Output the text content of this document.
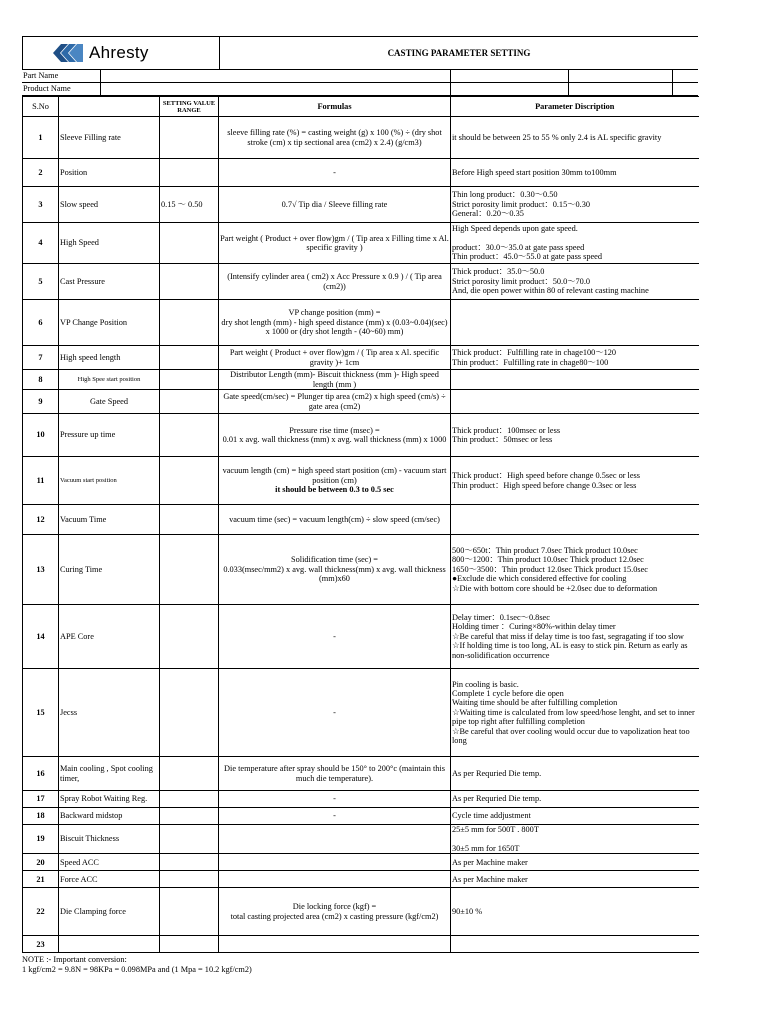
Ahresty	CASTING PARAMETER SETTING
Part Name				
Product Name				
S.No		SETTING VALUE RANGE	Formulas	Parameter Discription
1	Sleeve Filling rate		sleeve filling rate (%) = casting weight (g) x 100 (%) ÷ (dry shot stroke (cm) x tip sectional area (cm2) x 2.4) (g/cm3)	it should be between 25 to 55 % only 2.4 is AL specific gravity
2	Position		-	Before High speed start position 30mm to100mm
3	Slow speed	0.15 ～ 0.50	0.7√ Tip dia / Sleeve filling rate	Thin long product：0.30～0.50
Strict porosity limit product：0.15～0.30
General：0.20～0.35
4	High Speed		Part weight ( Product + over flow)gm / ( Tip area x Filling time x Al. specific gravity )	High Speed depends upon gate speed.

product：30.0～35.0 at gate pass speed
Thin product：45.0～55.0 at gate pass speed
5	Cast Pressure		(Intensify cylinder area ( cm2) x Acc Pressure x 0.9 ) / ( Tip area (cm2))	Thick product：35.0～50.0
Strict porosity limit product：50.0～70.0
And, die open power within 80 of relevant casting machine
6	VP Change Position		VP change position (mm) =
dry shot length (mm) - high speed distance (mm) x (0.03~0.04)(sec) x 1000 or (dry shot length - (40~60) mm)	
7	High speed length		Part weight ( Product + over flow)gm / ( Tip area x Al. specific gravity )+ 1cm	Thick product：Fulfilling rate in chage100～120
Thin product：Fulfilling rate in chage80～100
8	High Spee start position		Distributor Length (mm)- Biscuit thickness (mm )- High speed length (mm )	
9	Gate Speed		Gate speed(cm/sec) = Plunger tip area (cm2) x high speed (cm/s) ÷ gate area (cm2)	
10	Pressure up time		Pressure rise time (msec) =
0.01 x avg. wall thickness (mm) x avg. wall thickness (mm) x 1000	Thick product：100msec or less
Thin product：50msec or less
11	Vacuum start position		vacuum length (cm) = high speed start position (cm) - vacuum start position (cm)
it should be between 0.3 to 0.5 sec	Thick product：High speed before change 0.5sec or less
Thin product：High speed before change 0.3sec or less
12	Vacuum Time		vacuum time (sec) = vacuum length(cm) ÷ slow speed (cm/sec)	
13	Curing Time		Solidification time (sec) =
0.033(msec/mm2) x avg. wall thickness(mm) x avg. wall thickness (mm)x60	500～650t：Thin product 7.0sec Thick product 10.0sec
800～1200：Thin product 10.0sec Thick product 12.0sec
1650～3500：Thin product 12.0sec Thick product 15.0sec
●Exclude die which considered effective for cooling
☆Die with bottom core should be +2.0sec due to deformation
14	APE Core		-	Delay timer：0.1sec～0.8sec
Holding timer ：Curing×80%-within delay timer
☆Be careful that miss if delay time is too fast, segragating if too slow
☆If holding time is too long, AL is easy to stick pin. Return as early as non-solidification occurrence
15	Jecss		-	Pin cooling is basic.
Complete 1 cycle before die open
Waiting time should be after fulfilling completion
☆Waiting time is calculated from low speed/hose lenght, and set to inner pipe top right after fulfilling completion
☆Be careful that over cooling would occur due to vapolization heat too long
16	Main cooling , Spot cooling timer,		Die temperature after spray should be 150° to 200°c (maintain this much die temperature).	As per Requried Die temp.
17	Spray Robot Waiting Reg.		-	As per Requried Die temp.
18	Backward midstop		-	Cycle time addjustment
19	Biscuit Thickness			25±5 mm for 500T . 800T

30±5 mm for 1650T
20	Speed ACC			As per Machine maker
21	Force ACC			As per Machine maker
22	Die Clamping force		Die locking force (kgf) =
total casting projected area (cm2) x casting pressure (kgf/cm2)	90±10 %
23				
NOTE :- Important conversion:
1 kgf/cm2 = 9.8N = 98KPa = 0.098MPa and (1 Mpa = 10.2 kgf/cm2)
